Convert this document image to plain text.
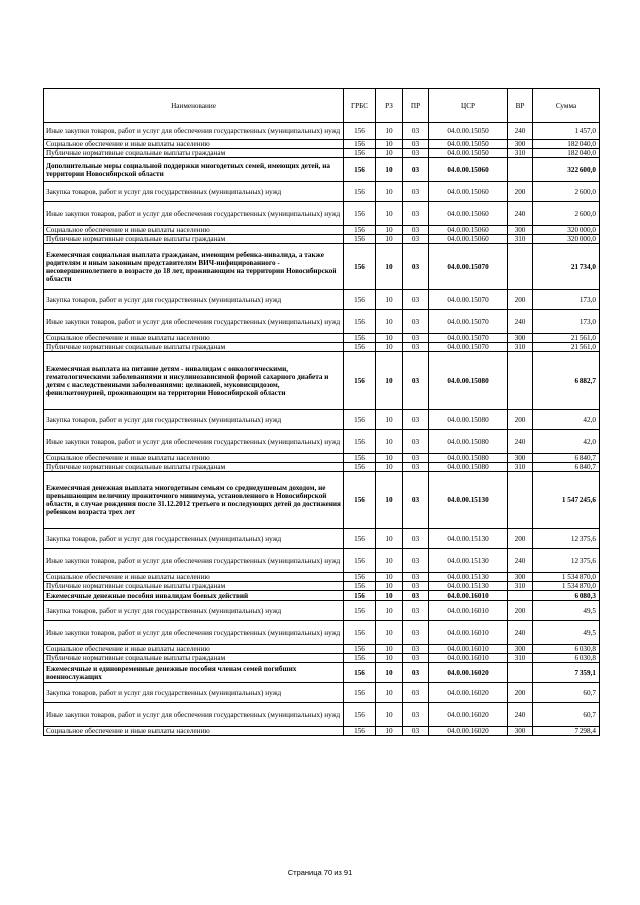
Наименование	ГРБС	РЗ	ПР	ЦСР	ВР	Сумма
Иные закупки товаров, работ и услуг для обеспечения государственных (муниципальных) нужд	156	10	03	04.0.00.15050	240	1 457,0
Социальное обеспечение и иные выплаты населению	156	10	03	04.0.00.15050	300	182 040,0
Публичные нормативные социальные выплаты гражданам	156	10	03	04.0.00.15050	310	182 040,0
Дополнительные меры социальной поддержки многодетных семей, имеющих детей, на территории Новосибирской области	156	10	03	04.0.00.15060		322 600,0
Закупка товаров, работ и услуг для государственных (муниципальных) нужд	156	10	03	04.0.00.15060	200	2 600,0
Иные закупки товаров, работ и услуг для обеспечения государственных (муниципальных) нужд	156	10	03	04.0.00.15060	240	2 600,0
Социальное обеспечение и иные выплаты населению	156	10	03	04.0.00.15060	300	320 000,0
Публичные нормативные социальные выплаты гражданам	156	10	03	04.0.00.15060	310	320 000,0
Ежемесячная социальная выплата гражданам, имеющим ребенка-инвалида, а также родителям и иным законным представителям ВИЧ-инфицированного - несовершеннолетнего в возрасте до 18 лет, проживающим на территории Новосибирской области	156	10	03	04.0.00.15070		21 734,0
Закупка товаров, работ и услуг для государственных (муниципальных) нужд	156	10	03	04.0.00.15070	200	173,0
Иные закупки товаров, работ и услуг для обеспечения государственных (муниципальных) нужд	156	10	03	04.0.00.15070	240	173,0
Социальное обеспечение и иные выплаты населению	156	10	03	04.0.00.15070	300	21 561,0
Публичные нормативные социальные выплаты гражданам	156	10	03	04.0.00.15070	310	21 561,0
Ежемесячная выплата на питание детям - инвалидам с онкологическими, гематологическими заболеваниями и инсулинозависимой формой сахарного диабета и детям с наследственными заболеваниями: целиакией, муковисцидозом, фенилкетонурией, проживающим на территории Новосибирской области	156	10	03	04.0.00.15080		6 882,7
Закупка товаров, работ и услуг для государственных (муниципальных) нужд	156	10	03	04.0.00.15080	200	42,0
Иные закупки товаров, работ и услуг для обеспечения государственных (муниципальных) нужд	156	10	03	04.0.00.15080	240	42,0
Социальное обеспечение и иные выплаты населению	156	10	03	04.0.00.15080	300	6 840,7
Публичные нормативные социальные выплаты гражданам	156	10	03	04.0.00.15080	310	6 840,7
Ежемесячная денежная выплата многодетным семьям со среднедушевым доходом, не превышающим величину прожиточного минимума, установленного в Новосибирской области, в случае рождения после 31.12.2012 третьего и последующих детей до достижения ребенком возраста трех лет	156	10	03	04.0.00.15130		1 547 245,6
Закупка товаров, работ и услуг для государственных (муниципальных) нужд	156	10	03	04.0.00.15130	200	12 375,6
Иные закупки товаров, работ и услуг для обеспечения государственных (муниципальных) нужд	156	10	03	04.0.00.15130	240	12 375,6
Социальное обеспечение и иные выплаты населению	156	10	03	04.0.00.15130	300	1 534 870,0
Публичные нормативные социальные выплаты гражданам	156	10	03	04.0.00.15130	310	1 534 870,0
Ежемесячные денежные пособия инвалидам боевых действий	156	10	03	04.0.00.16010		6 080,3
Закупка товаров, работ и услуг для государственных (муниципальных) нужд	156	10	03	04.0.00.16010	200	49,5
Иные закупки товаров, работ и услуг для обеспечения государственных (муниципальных) нужд	156	10	03	04.0.00.16010	240	49,5
Социальное обеспечение и иные выплаты населению	156	10	03	04.0.00.16010	300	6 030,8
Публичные нормативные социальные выплаты гражданам	156	10	03	04.0.00.16010	310	6 030,8
Ежемесячные и единовременные денежные пособия членам семей погибших военнослужащих	156	10	03	04.0.00.16020		7 359,1
Закупка товаров, работ и услуг для государственных (муниципальных) нужд	156	10	03	04.0.00.16020	200	60,7
Иные закупки товаров, работ и услуг для обеспечения государственных (муниципальных) нужд	156	10	03	04.0.00.16020	240	60,7
Социальное обеспечение и иные выплаты населению	156	10	03	04.0.00.16020	300	7 298,4
Страница 70 из 91
